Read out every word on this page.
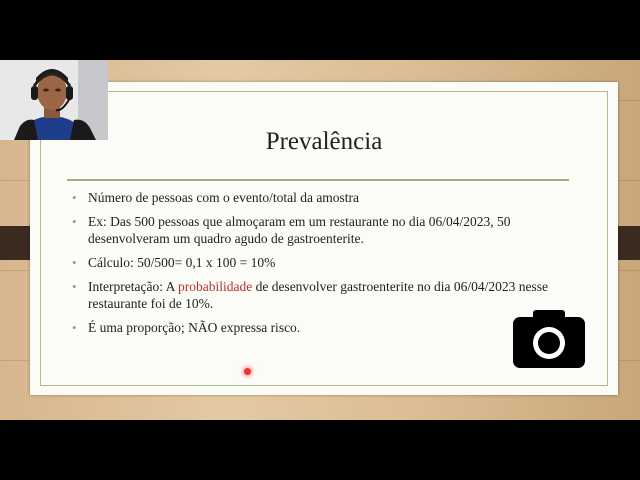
Prevalência
• Número de pessoas com o evento/total da amostra
• Ex: Das 500 pessoas que almoçaram em um restaurante no dia 06/04/2023, 50 desenvolveram um quadro agudo de gastroenterite.
• Cálculo: 50/500= 0,1 x 100 = 10%
• Interpretação: A probabilidade de desenvolver gastroenterite no dia 06/04/2023 nesse restaurante foi de 10%.
• É uma proporção; NÃO expressa risco.
